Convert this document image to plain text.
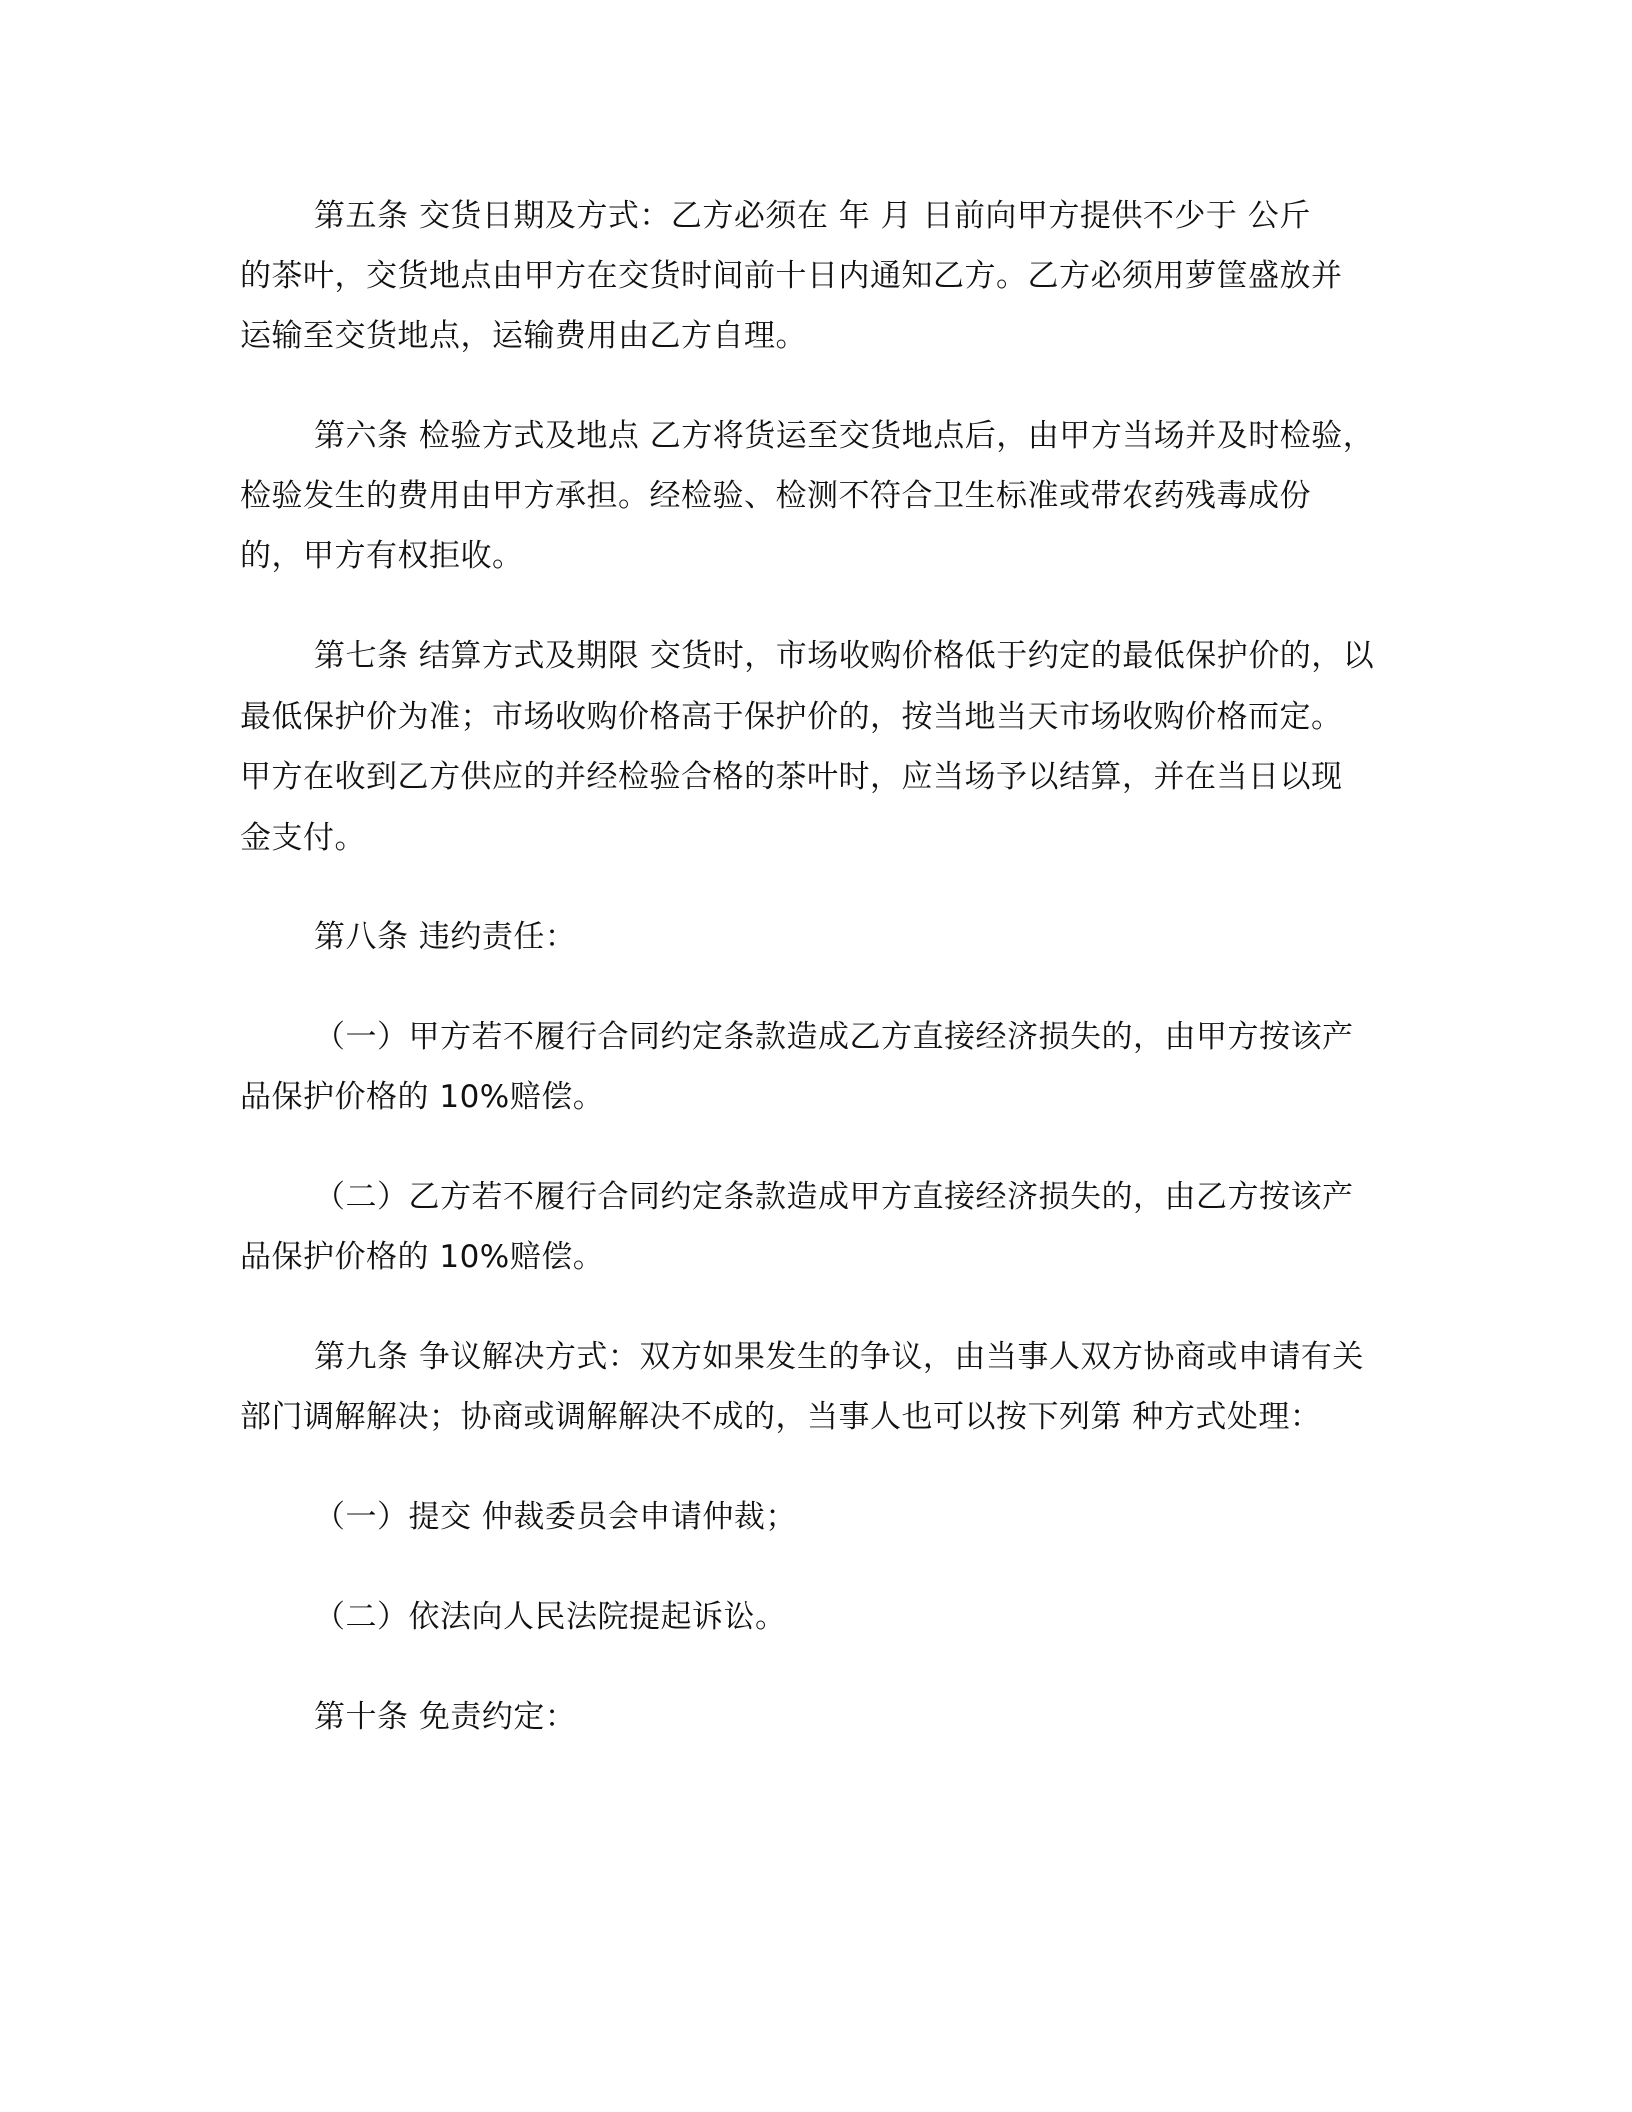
第五条 交货日期及方式：乙方必须在 年 月 日前向甲方提供不少于 公斤
的茶叶，交货地点由甲方在交货时间前十日内通知乙方。乙方必须用萝筐盛放并
运输至交货地点，运输费用由乙方自理。
第六条 检验方式及地点 乙方将货运至交货地点后，由甲方当场并及时检验，
检验发生的费用由甲方承担。经检验、检测不符合卫生标准或带农药残毒成份
的，甲方有权拒收。
第七条 结算方式及期限 交货时，市场收购价格低于约定的最低保护价的，以
最低保护价为准；市场收购价格高于保护价的，按当地当天市场收购价格而定。
甲方在收到乙方供应的并经检验合格的茶叶时，应当场予以结算，并在当日以现
金支付。
第八条 违约责任：
（一）甲方若不履行合同约定条款造成乙方直接经济损失的，由甲方按该产
品保护价格的 10%赔偿。
（二）乙方若不履行合同约定条款造成甲方直接经济损失的，由乙方按该产
品保护价格的 10%赔偿。
第九条 争议解决方式：双方如果发生的争议，由当事人双方协商或申请有关
部门调解解决；协商或调解解决不成的，当事人也可以按下列第 种方式处理：
（一）提交 仲裁委员会申请仲裁；
（二）依法向人民法院提起诉讼。
第十条 免责约定：
